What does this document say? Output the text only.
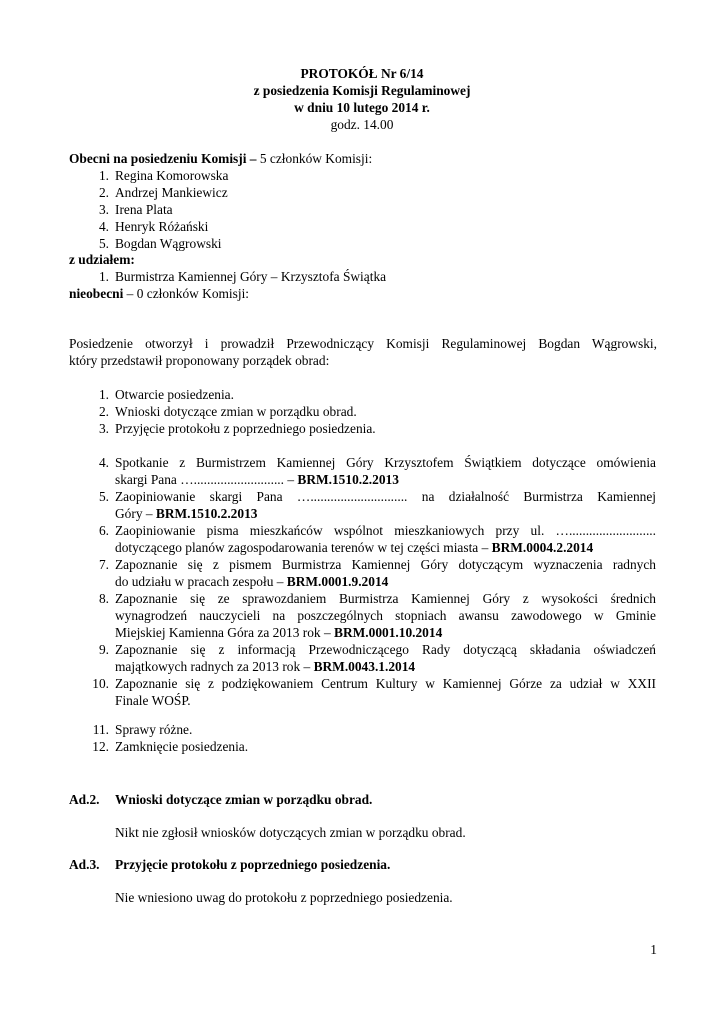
PROTOKÓŁ Nr 6/14
z posiedzenia Komisji Regulaminowej
w dniu 10 lutego 2014 r.
godz. 14.00
Obecni na posiedzeniu Komisji – 5 członków Komisji:
1. Regina Komorowska
2. Andrzej Mankiewicz
3. Irena Plata
4. Henryk Różański
5. Bogdan Wągrowski
z udziałem:
1. Burmistrza Kamiennej Góry – Krzysztofa Świątka
nieobecni – 0 członków Komisji:
Posiedzenie otworzył i prowadził Przewodniczący Komisji Regulaminowej Bogdan Wągrowski,
który przedstawił proponowany porządek obrad:
1. Otwarcie posiedzenia.
2. Wnioski dotyczące zmian w porządku obrad.
3. Przyjęcie protokołu z poprzedniego posiedzenia.
4. Spotkanie z Burmistrzem Kamiennej Góry Krzysztofem Świątkiem dotyczące omówienia
skargi Pana …........................... – BRM.1510.2.2013
5. Zaopiniowanie skargi Pana …............................. na działalność Burmistrza Kamiennej
Góry – BRM.1510.2.2013
6. Zaopiniowanie pisma mieszkańców wspólnot mieszkaniowych przy ul. …..........................
dotyczącego planów zagospodarowania terenów w tej części miasta – BRM.0004.2.2014
7. Zapoznanie się z pismem Burmistrza Kamiennej Góry dotyczącym wyznaczenia radnych
do udziału w pracach zespołu – BRM.0001.9.2014
8. Zapoznanie się ze sprawozdaniem Burmistrza Kamiennej Góry z wysokości średnich
wynagrodzeń nauczycieli na poszczególnych stopniach awansu zawodowego w Gminie
Miejskiej Kamienna Góra za 2013 rok – BRM.0001.10.2014
9. Zapoznanie się z informacją Przewodniczącego Rady dotyczącą składania oświadczeń
majątkowych radnych za 2013 rok – BRM.0043.1.2014
10. Zapoznanie się z podziękowaniem Centrum Kultury w Kamiennej Górze za udział w XXII
Finale WOŚP.
11. Sprawy różne.
12. Zamknięcie posiedzenia.
Ad.2. Wnioski dotyczące zmian w porządku obrad.
Nikt nie zgłosił wniosków dotyczących zmian w porządku obrad.
Ad.3. Przyjęcie protokołu z poprzedniego posiedzenia.
Nie wniesiono uwag do protokołu z poprzedniego posiedzenia.
1
